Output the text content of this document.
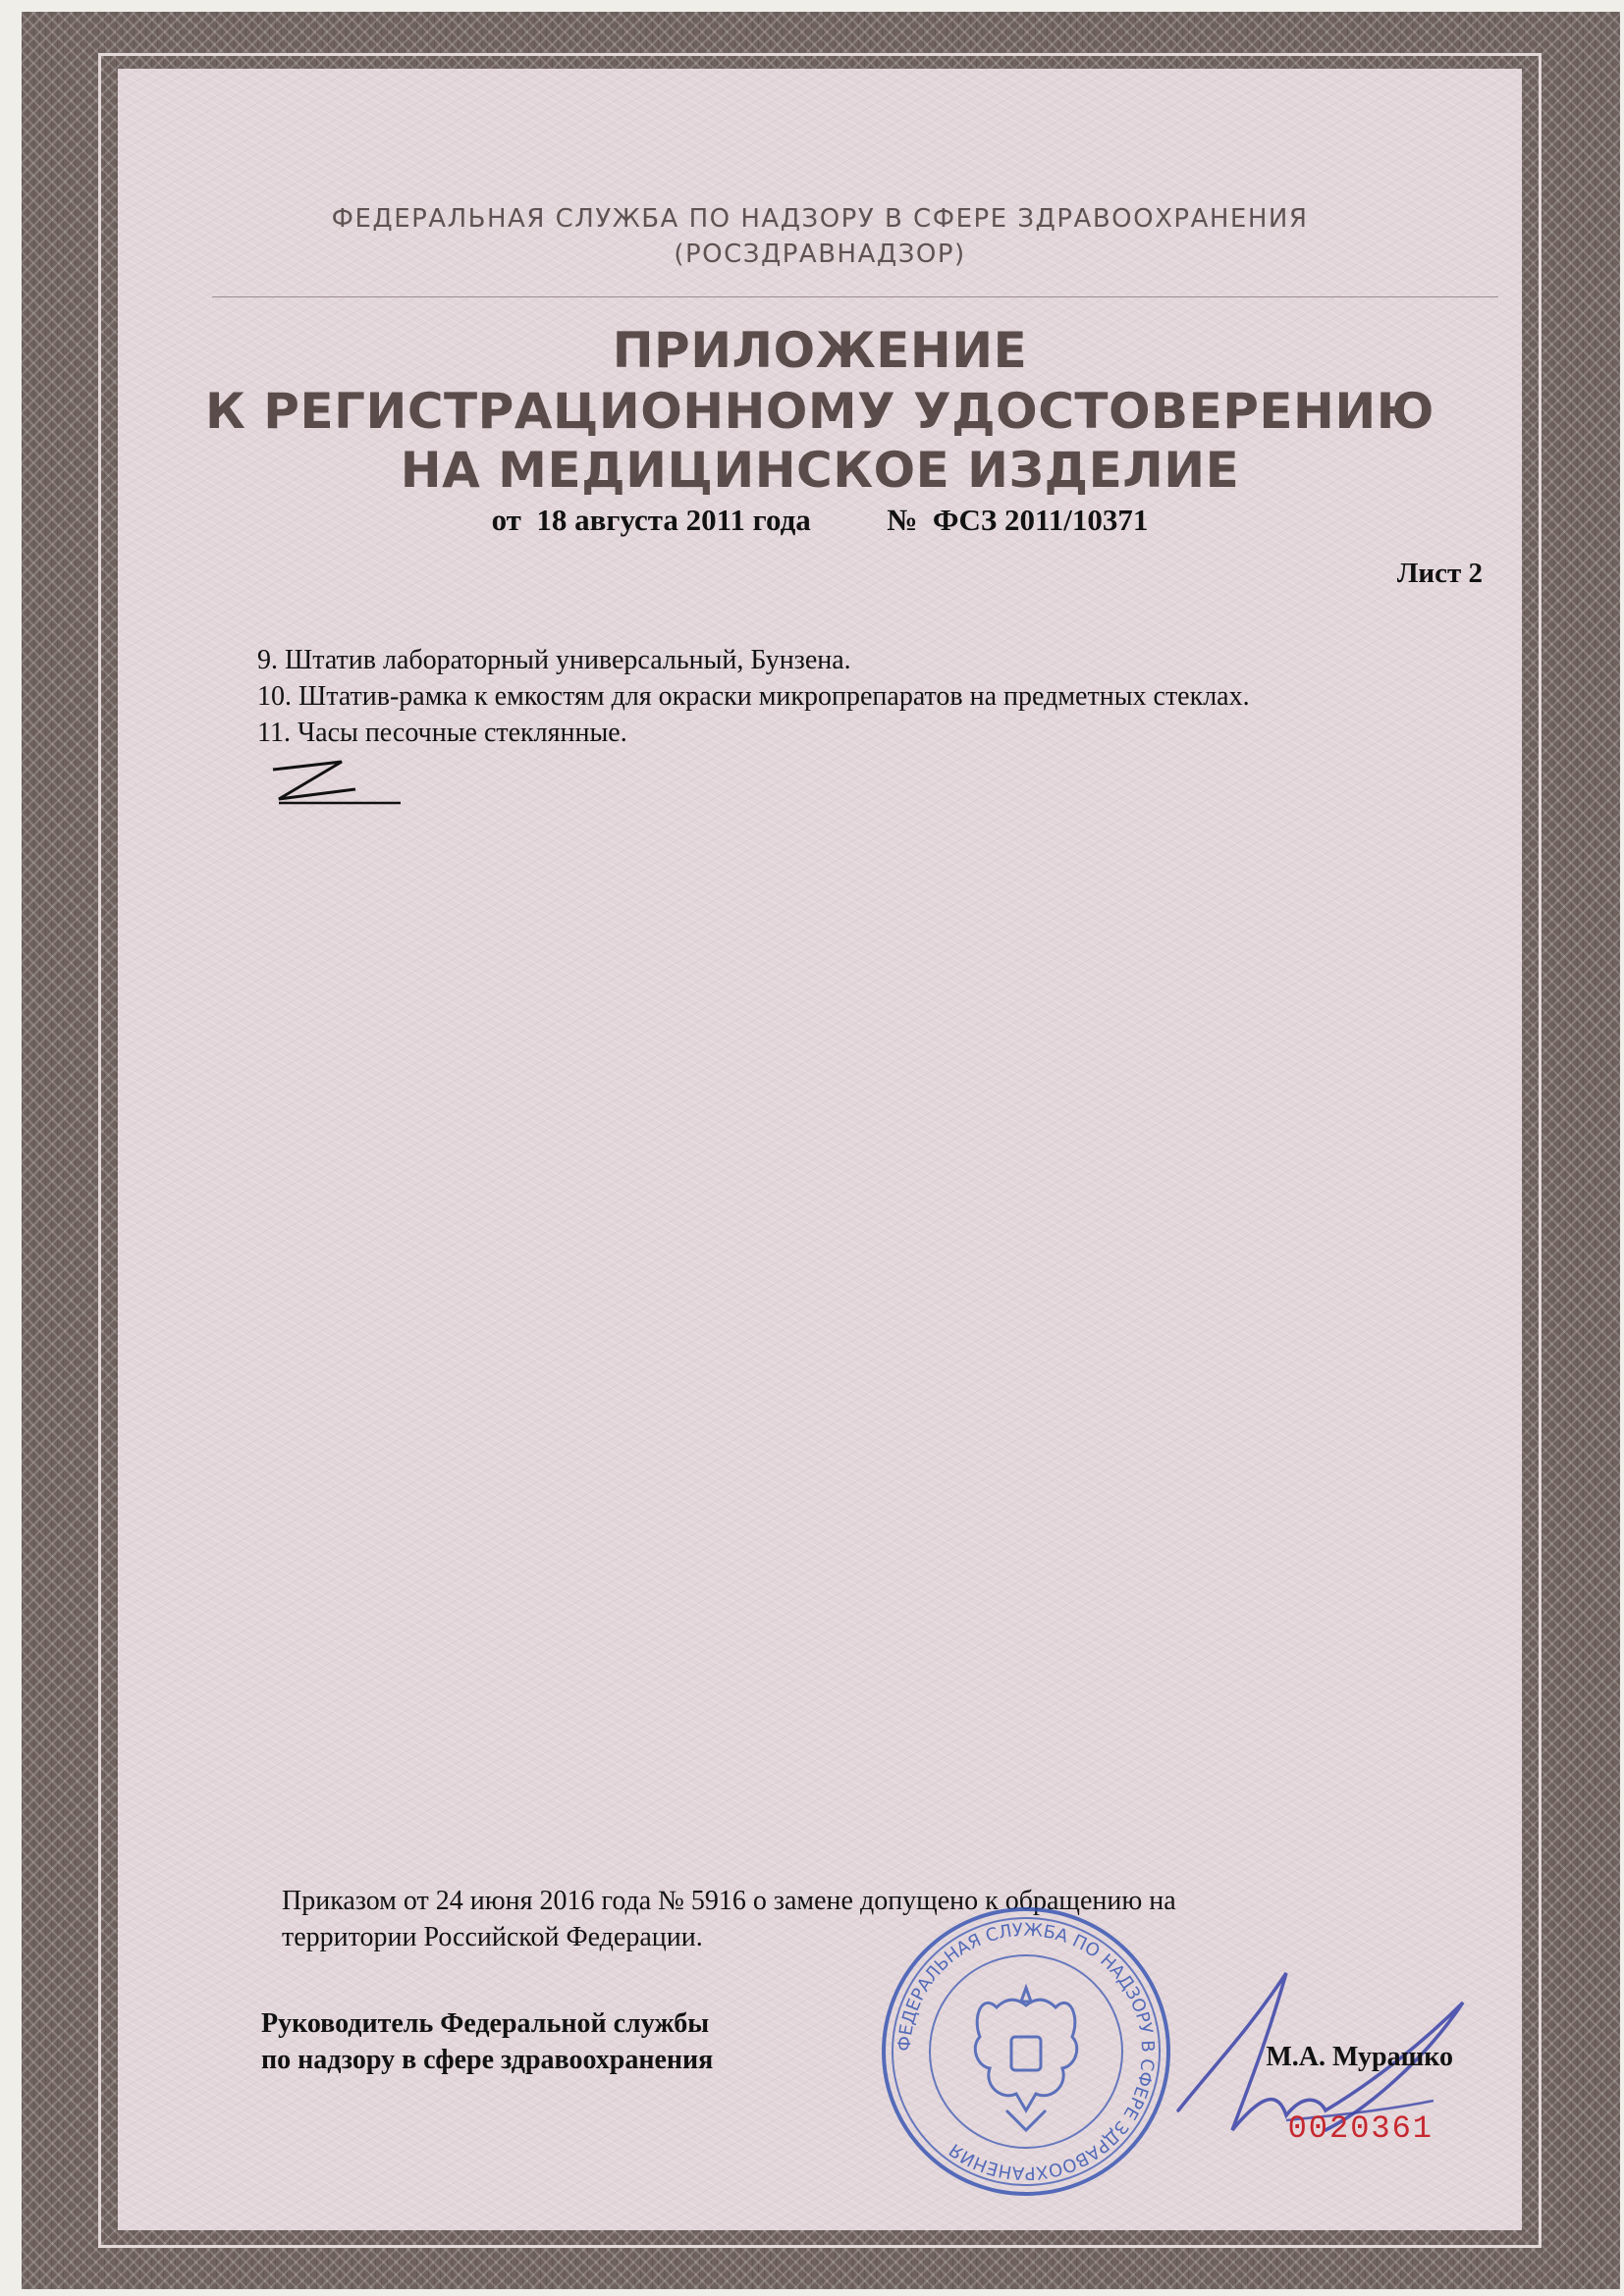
ФЕДЕРАЛЬНАЯ СЛУЖБА ПО НАДЗОРУ В СФЕРЕ ЗДРАВООХРАНЕНИЯ
(РОСЗДРАВНАДЗОР)
ПРИЛОЖЕНИЕ
К РЕГИСТРАЦИОННОМУ УДОСТОВЕРЕНИЮ
НА МЕДИЦИНСКОЕ ИЗДЕЛИЕ
от  18 августа 2011 года          №  ФСЗ 2011/10371
Лист 2
9. Штатив лабораторный универсальный, Бунзена.
10. Штатив-рамка к емкостям для окраски микропрепаратов на предметных стеклах.
11. Часы песочные стеклянные.
Приказом от 24 июня 2016 года № 5916 о замене допущено к обращению на
территории Российской Федерации.
Руководитель Федеральной службы
по надзору в сфере здравоохранения
ФЕДЕРАЛЬНАЯ СЛУЖБА ПО НАДЗОРУ В СФЕРЕ ЗДРАВООХРАНЕНИЯ
М.А. Мурашко
0020361
